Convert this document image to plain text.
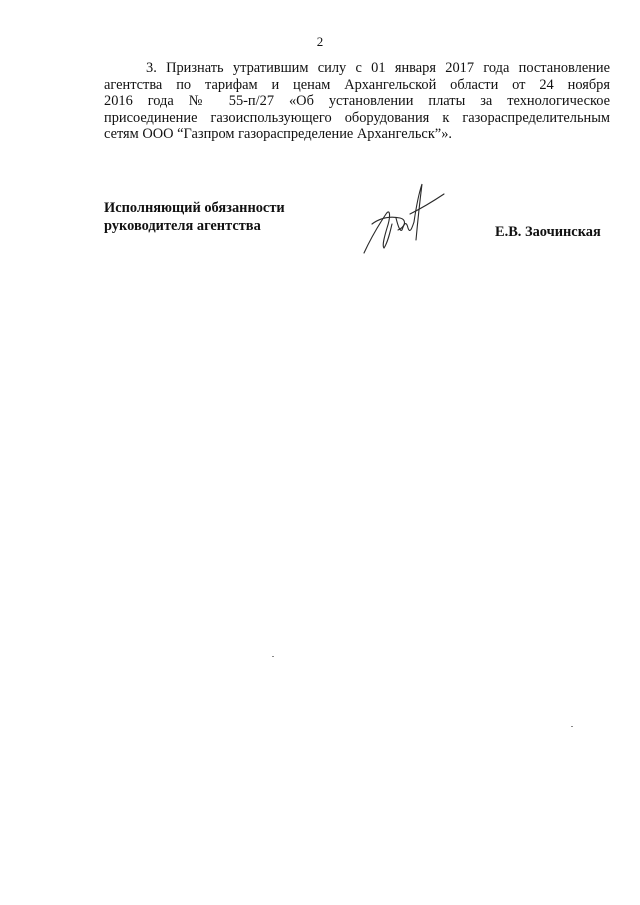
2
3. Признать утратившим силу с 01 января 2017 года постановление
агентства по тарифам и ценам Архангельской области от 24 ноября
2016 года № 55-п/27 «Об установлении платы за технологическое
присоединение газоиспользующего оборудования к газораспределительным
сетям ООО “Газпром газораспределение Архангельск”».
Исполняющий обязанности
руководителя агентства	Е.В. Заочинская
